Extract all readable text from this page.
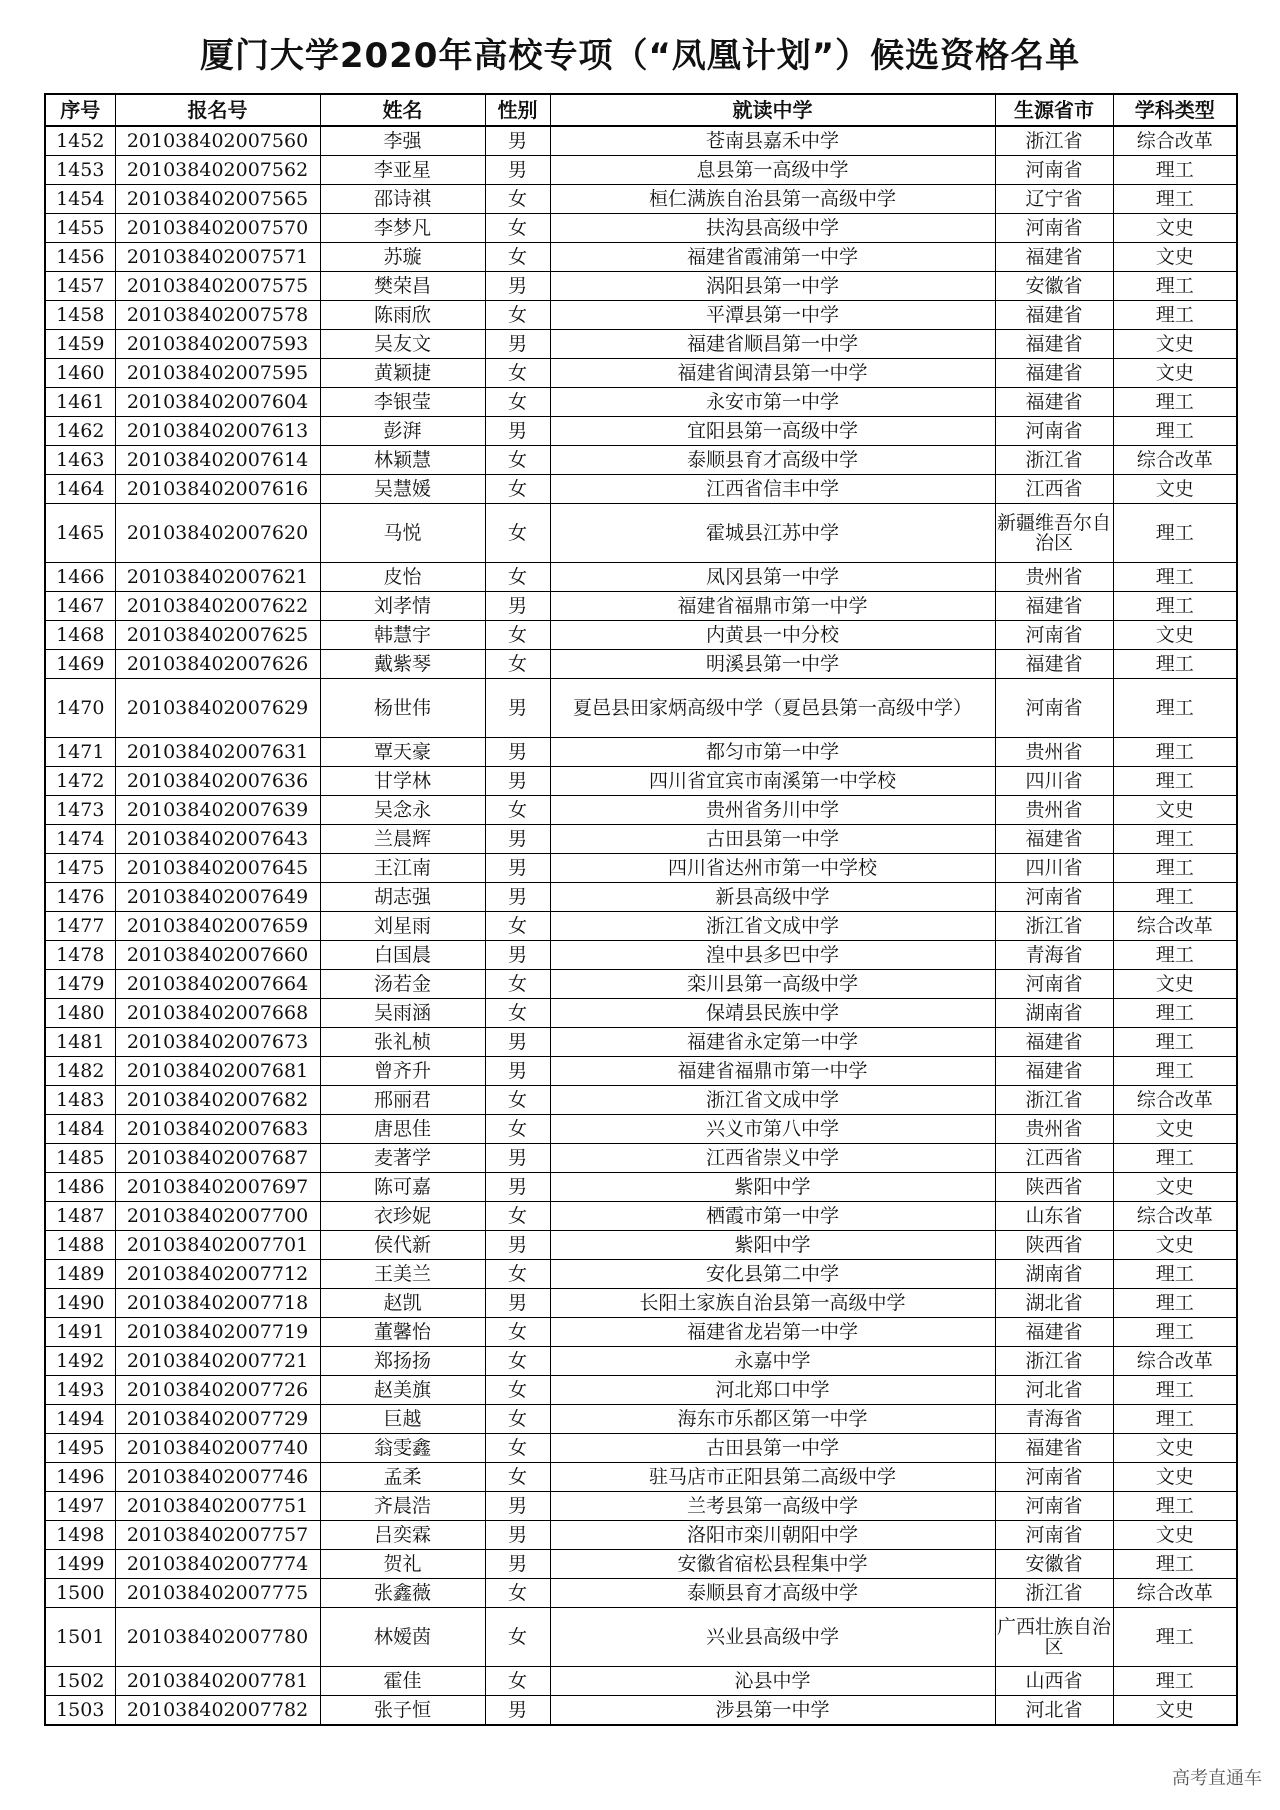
厦门大学2020年高校专项（“凤凰计划”）候选资格名单
序号	报名号	姓名	性别	就读中学	生源省市	学科类型
1452	201038402007560	李强	男	苍南县嘉禾中学	浙江省	综合改革
1453	201038402007562	李亚星	男	息县第一高级中学	河南省	理工
1454	201038402007565	邵诗祺	女	桓仁满族自治县第一高级中学	辽宁省	理工
1455	201038402007570	李梦凡	女	扶沟县高级中学	河南省	文史
1456	201038402007571	苏璇	女	福建省霞浦第一中学	福建省	文史
1457	201038402007575	樊荣昌	男	涡阳县第一中学	安徽省	理工
1458	201038402007578	陈雨欣	女	平潭县第一中学	福建省	理工
1459	201038402007593	吴友文	男	福建省顺昌第一中学	福建省	文史
1460	201038402007595	黄颖捷	女	福建省闽清县第一中学	福建省	文史
1461	201038402007604	李银莹	女	永安市第一中学	福建省	理工
1462	201038402007613	彭湃	男	宜阳县第一高级中学	河南省	理工
1463	201038402007614	林颖慧	女	泰顺县育才高级中学	浙江省	综合改革
1464	201038402007616	吴慧媛	女	江西省信丰中学	江西省	文史
1465	201038402007620	马悦	女	霍城县江苏中学	新疆维吾尔自治区	理工
1466	201038402007621	皮怡	女	凤冈县第一中学	贵州省	理工
1467	201038402007622	刘孝情	男	福建省福鼎市第一中学	福建省	理工
1468	201038402007625	韩慧宇	女	内黄县一中分校	河南省	文史
1469	201038402007626	戴紫琴	女	明溪县第一中学	福建省	理工
1470	201038402007629	杨世伟	男	夏邑县田家炳高级中学（夏邑县第一高级中学）	河南省	理工
1471	201038402007631	覃天豪	男	都匀市第一中学	贵州省	理工
1472	201038402007636	甘学林	男	四川省宜宾市南溪第一中学校	四川省	理工
1473	201038402007639	吴念永	女	贵州省务川中学	贵州省	文史
1474	201038402007643	兰晨辉	男	古田县第一中学	福建省	理工
1475	201038402007645	王江南	男	四川省达州市第一中学校	四川省	理工
1476	201038402007649	胡志强	男	新县高级中学	河南省	理工
1477	201038402007659	刘星雨	女	浙江省文成中学	浙江省	综合改革
1478	201038402007660	白国晨	男	湟中县多巴中学	青海省	理工
1479	201038402007664	汤若金	女	栾川县第一高级中学	河南省	文史
1480	201038402007668	吴雨涵	女	保靖县民族中学	湖南省	理工
1481	201038402007673	张礼桢	男	福建省永定第一中学	福建省	理工
1482	201038402007681	曾齐升	男	福建省福鼎市第一中学	福建省	理工
1483	201038402007682	邢丽君	女	浙江省文成中学	浙江省	综合改革
1484	201038402007683	唐思佳	女	兴义市第八中学	贵州省	文史
1485	201038402007687	麦著学	男	江西省崇义中学	江西省	理工
1486	201038402007697	陈可嘉	男	紫阳中学	陕西省	文史
1487	201038402007700	衣珍妮	女	栖霞市第一中学	山东省	综合改革
1488	201038402007701	侯代新	男	紫阳中学	陕西省	文史
1489	201038402007712	王美兰	女	安化县第二中学	湖南省	理工
1490	201038402007718	赵凯	男	长阳土家族自治县第一高级中学	湖北省	理工
1491	201038402007719	董馨怡	女	福建省龙岩第一中学	福建省	理工
1492	201038402007721	郑扬扬	女	永嘉中学	浙江省	综合改革
1493	201038402007726	赵美旗	女	河北郑口中学	河北省	理工
1494	201038402007729	巨越	女	海东市乐都区第一中学	青海省	理工
1495	201038402007740	翁雯鑫	女	古田县第一中学	福建省	文史
1496	201038402007746	孟柔	女	驻马店市正阳县第二高级中学	河南省	文史
1497	201038402007751	齐晨浩	男	兰考县第一高级中学	河南省	理工
1498	201038402007757	吕奕霖	男	洛阳市栾川朝阳中学	河南省	文史
1499	201038402007774	贺礼	男	安徽省宿松县程集中学	安徽省	理工
1500	201038402007775	张鑫薇	女	泰顺县育才高级中学	浙江省	综合改革
1501	201038402007780	林嫒茵	女	兴业县高级中学	广西壮族自治区	理工
1502	201038402007781	霍佳	女	沁县中学	山西省	理工
1503	201038402007782	张子恒	男	涉县第一中学	河北省	文史
高考直通车
